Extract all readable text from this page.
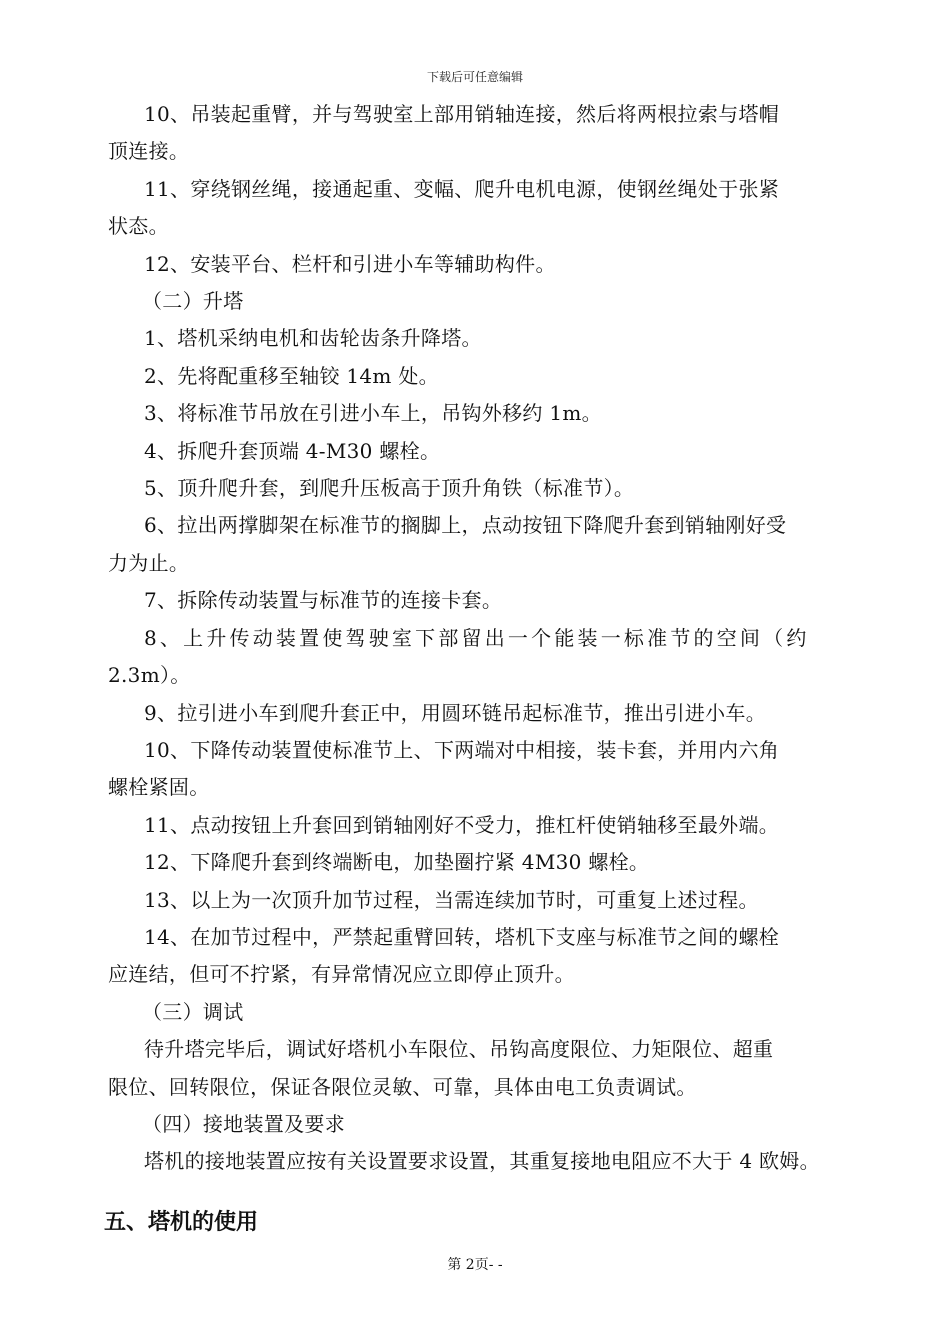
下载后可任意编辑
10、吊装起重臂，并与驾驶室上部用销轴连接，然后将两根拉索与塔帽
顶连接。
11、穿绕钢丝绳，接通起重、变幅、爬升电机电源，使钢丝绳处于张紧
状态。
12、安装平台、栏杆和引进小车等辅助构件。
（二）升塔
1、塔机采纳电机和齿轮齿条升降塔。
2、先将配重移至轴铰 14m 处。
3、将标准节吊放在引进小车上，吊钩外移约 1m。
4、拆爬升套顶端 4-M30 螺栓。
5、顶升爬升套，到爬升压板高于顶升角铁（标准节）。
6、拉出两撑脚架在标准节的搁脚上，点动按钮下降爬升套到销轴刚好受
力为止。
7、拆除传动装置与标准节的连接卡套。
8、上升传动装置使驾驶室下部留出一个能装一标准节的空间（约
2.3m）。
9、拉引进小车到爬升套正中，用圆环链吊起标准节，推出引进小车。
10、下降传动装置使标准节上、下两端对中相接，装卡套，并用内六角
螺栓紧固。
11、点动按钮上升套回到销轴刚好不受力，推杠杆使销轴移至最外端。
12、下降爬升套到终端断电，加垫圈拧紧 4M30 螺栓。
13、以上为一次顶升加节过程，当需连续加节时，可重复上述过程。
14、在加节过程中，严禁起重臂回转，塔机下支座与标准节之间的螺栓
应连结，但可不拧紧，有异常情况应立即停止顶升。
（三）调试
待升塔完毕后，调试好塔机小车限位、吊钩高度限位、力矩限位、超重
限位、回转限位，保证各限位灵敏、可靠，具体由电工负责调试。
（四）接地装置及要求
塔机的接地装置应按有关设置要求设置，其重复接地电阻应不大于 4 欧姆。
五、塔机的使用
第 2页- -
